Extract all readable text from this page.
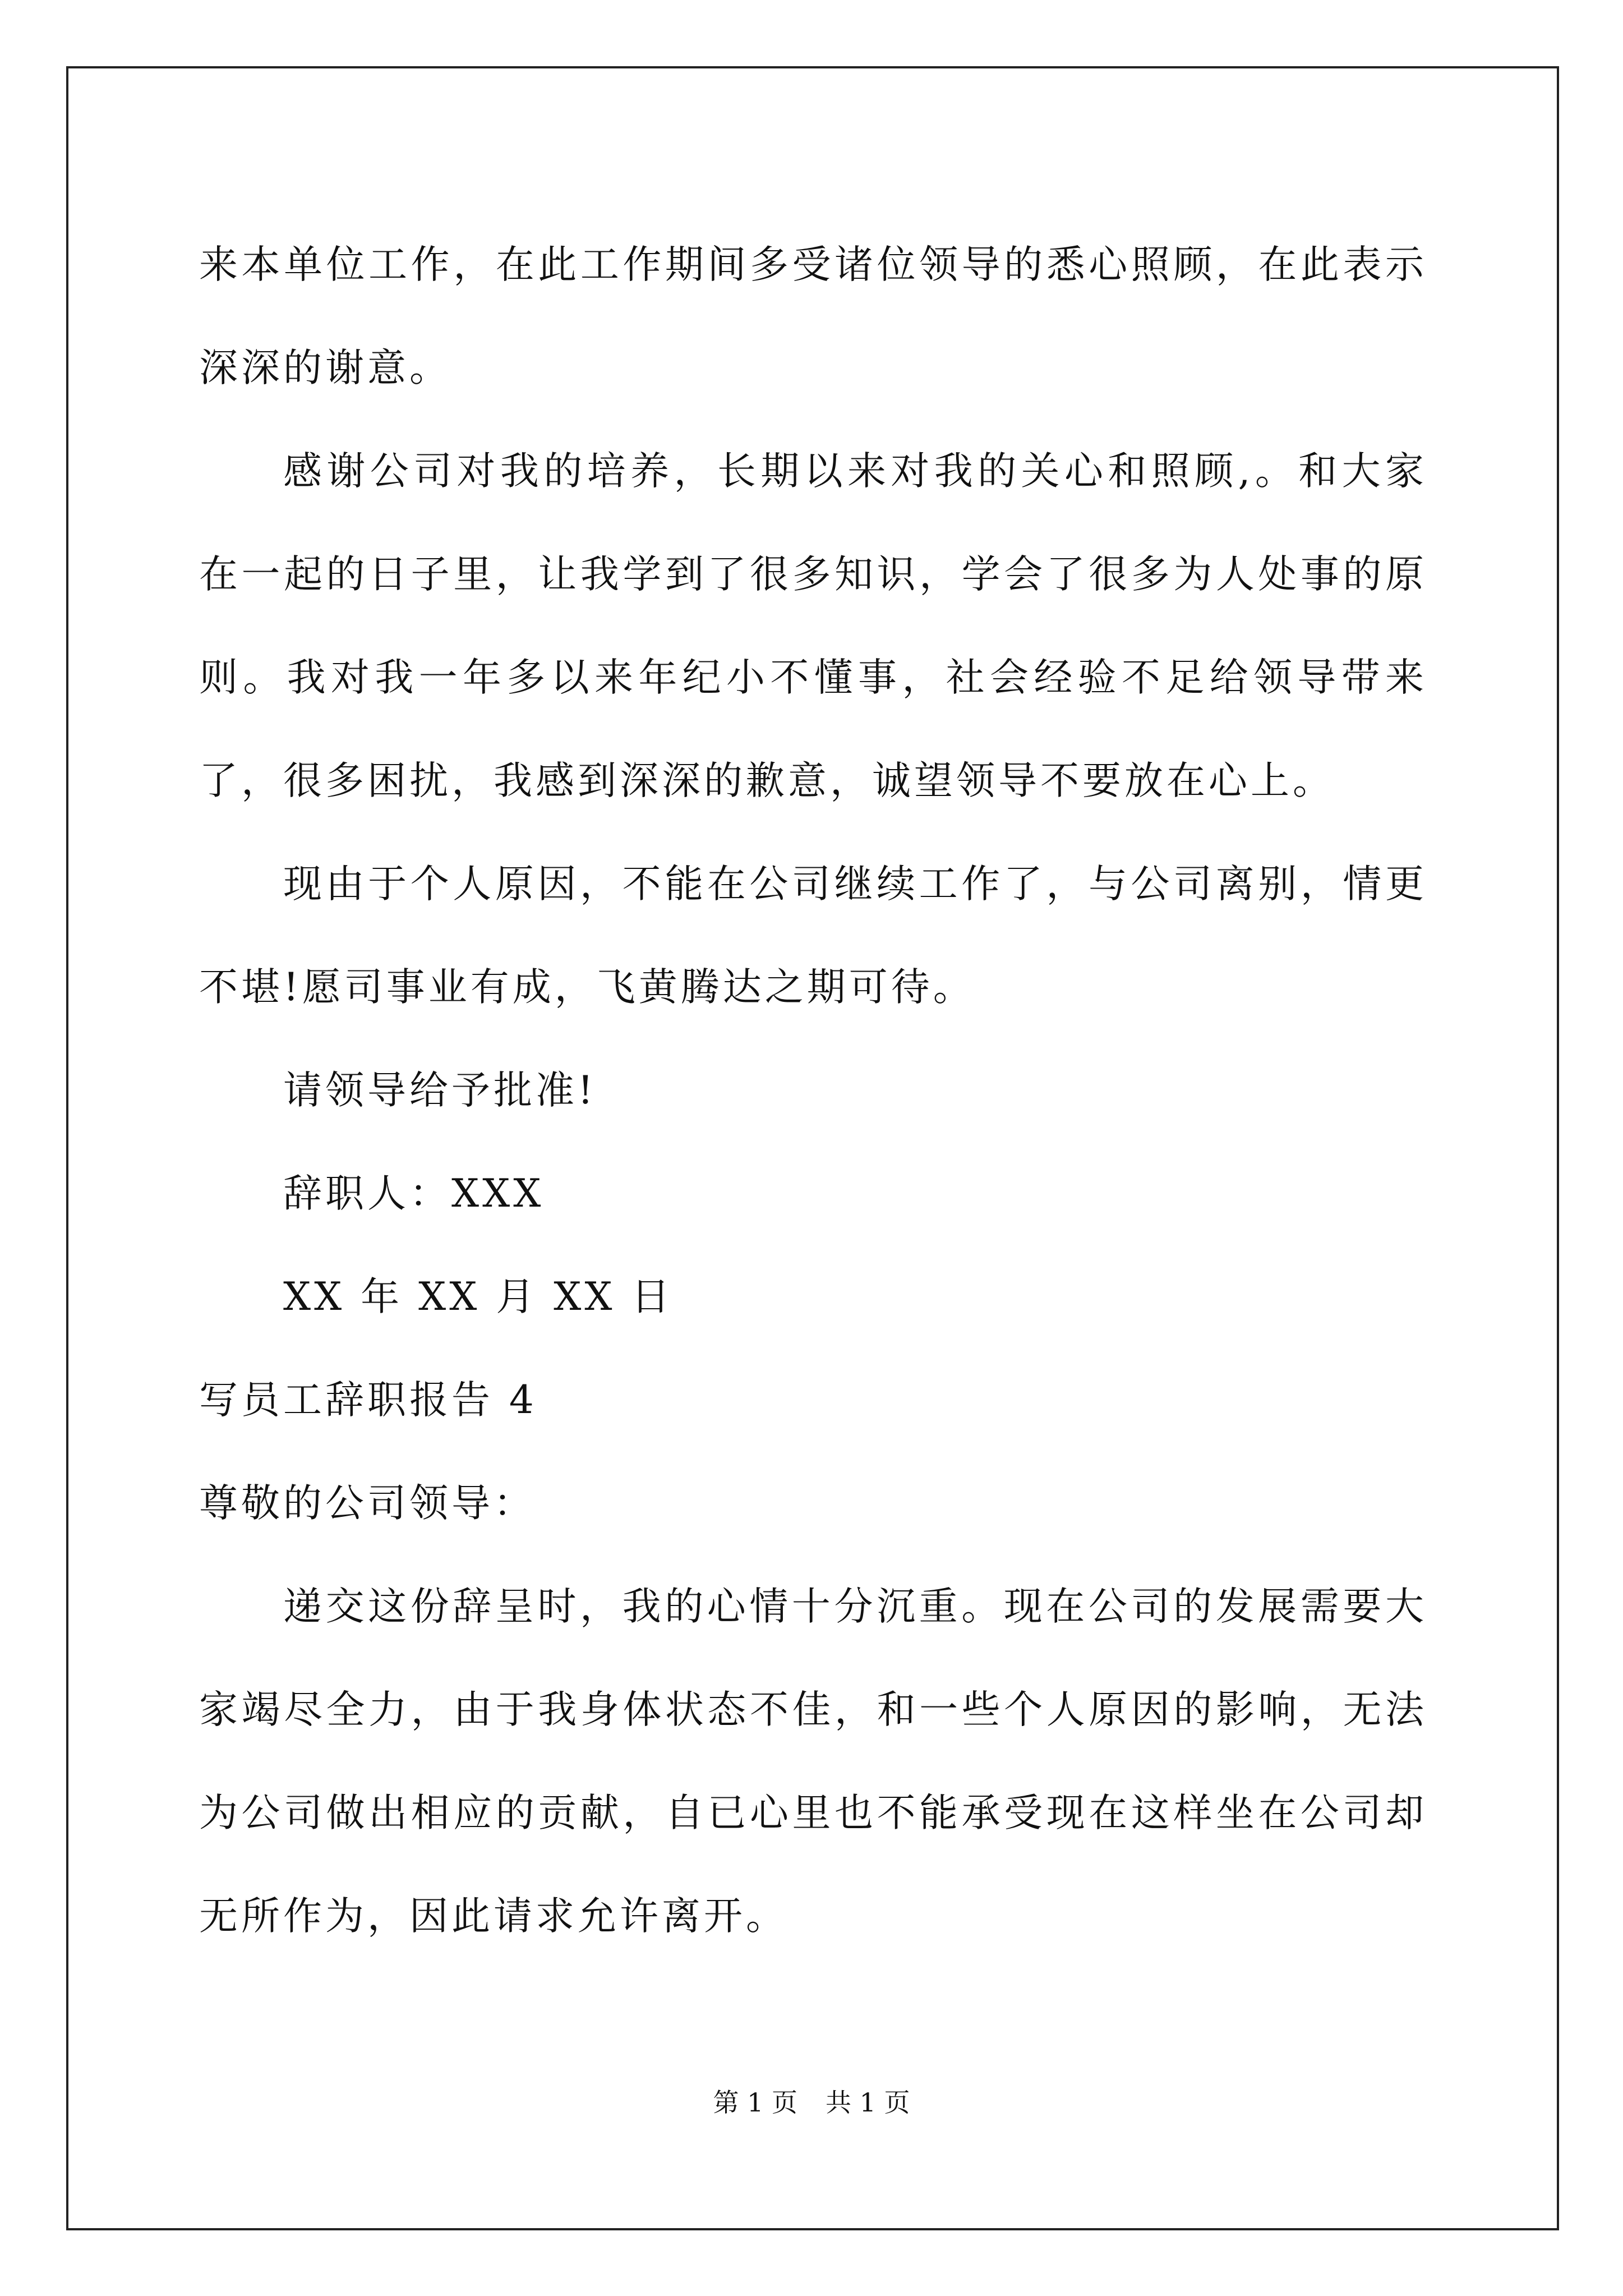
来本单位工作，在此工作期间多受诸位领导的悉心照顾，在此表示深深的谢意。

感谢公司对我的培养，长期以来对我的关心和照顾,。和大家在一起的日子里，让我学到了很多知识，学会了很多为人处事的原则。我对我一年多以来年纪小不懂事，社会经验不足给领导带来了，很多困扰，我感到深深的歉意，诚望领导不要放在心上。

现由于个人原因，不能在公司继续工作了，与公司离别，情更不堪!愿司事业有成，飞黄腾达之期可待。

请领导给予批准!

辞职人：XXX

XX 年 XX 月 XX 日

写员工辞职报告 4

尊敬的公司领导：

递交这份辞呈时，我的心情十分沉重。现在公司的发展需要大家竭尽全力，由于我身体状态不佳，和一些个人原因的影响，无法为公司做出相应的贡献，自已心里也不能承受现在这样坐在公司却无所作为，因此请求允许离开。

第 1 页 共 1 页
